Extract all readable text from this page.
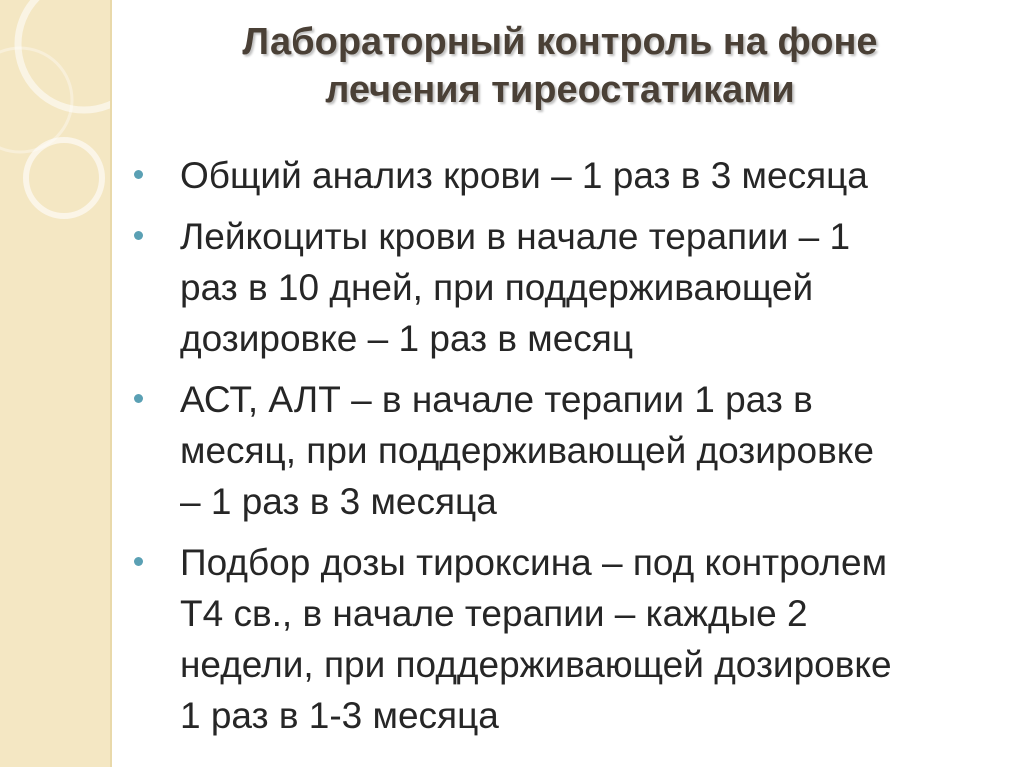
Лабораторный контроль на фоне
лечения тиреостатиками
Общий анализ крови – 1 раз в 3 месяца
Лейкоциты крови в начале терапии – 1
раз в 10 дней, при поддерживающей
дозировке – 1 раз в месяц
АСТ, АЛТ – в начале терапии 1 раз в
месяц, при поддерживающей дозировке
– 1 раз в 3 месяца
Подбор дозы тироксина – под контролем
Т4 св., в начале терапии – каждые 2
недели, при поддерживающей дозировке
1 раз в 1-3 месяца
